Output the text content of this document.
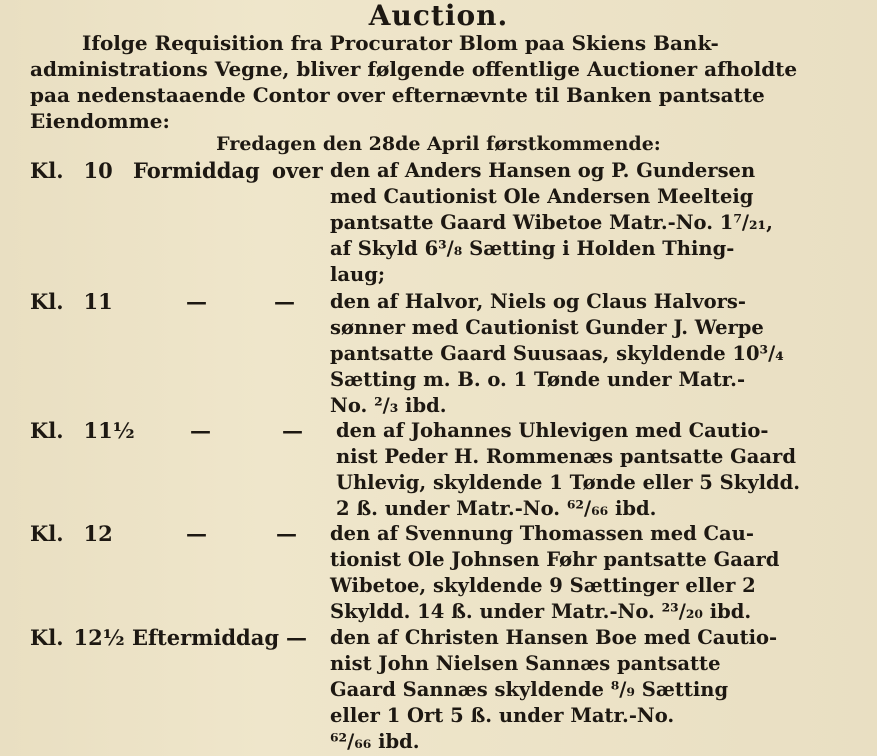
Auction.
Ifolge Requisition fra Procurator Blom paa Skiens Bank-
administrations Vegne, bliver følgende offentlige Auctioner afholdte
paa nedenstaaende Contor over efternævnte til Banken pantsatte
Eiendomme:
Fredagen den 28de April førstkommende:
Kl. 10 Formiddag over den af Anders Hansen og P. Gundersen
med Cautionist Ole Andersen Meelteig
pantsatte Gaard Wibetoe Matr.-No. 1⁷/₂₁,
af Skyld 6³/₈ Sætting i Holden Thing-
laug;
Kl. 11	—	— den af Halvor, Niels og Claus Halvors-
sønner med Cautionist Gunder J. Werpe
pantsatte Gaard Suusaas, skyldende 10³/₄
Sætting m. B. o. 1 Tønde under Matr.-
No. ²/₃ ibd.
Kl. 11½	—	— den af Johannes Uhlevigen med Cautio-
nist Peder H. Rommenæs pantsatte Gaard
Uhlevig, skyldende 1 Tønde eller 5 Skyldd.
2 ß. under Matr.-No. ⁶²/₆₆ ibd.
Kl. 12	—	— den af Svennung Thomassen med Cau-
tionist Ole Johnsen Føhr pantsatte Gaard
Wibetoe, skyldende 9 Sættinger eller 2
Skyldd. 14 ß. under Matr.-No. ²³/₂₀ ibd.
Kl. 12½ Eftermiddag — den af Christen Hansen Boe med Cautio-
nist John Nielsen Sannæs pantsatte
Gaard Sannæs skyldende ⁸/₉ Sætting
eller 1 Ort 5 ß. under Matr.-No.
⁶²/₆₆ ibd.
